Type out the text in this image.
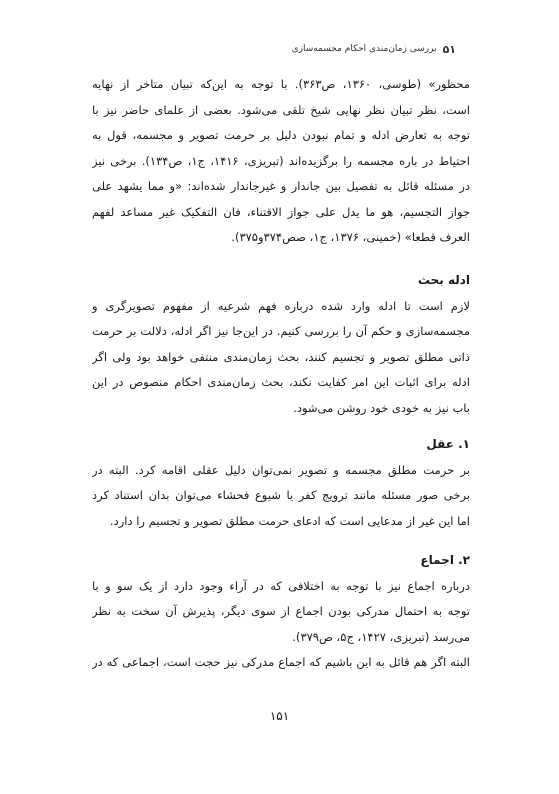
۵۱
بررسی زمان‌مندی احکام مجسمه‌سازی
محظور» (طوسی، ۱۳۶۰، ص۳۶۳). با توجه به این‌که تبیان متاخر از نهایه
است، نظر تبیان نظر نهایی شیخ تلقی می‌شود. بعضی از علمای حاضر نیز با
توجه به تعارض ادله و تمام نبودن دلیل بر حرمت تصویر و مجسمه، قول به
احتیاط در باره مجسمه را برگزیده‌اند (تبریزی، ۱۴۱۶، ج۱، ص۱۳۴). برخی نیز
در مسئله قائل به تفصیل بین جاندار و غیرجاندار شده‌اند: «و مما یشهد علی
جواز التجسیم، هو ما یدل علی جواز الاقتناء، فان التفکیک غیر مساعد لفهم
العرف قطعا» (خمینی، ۱۳۷۶، ج۱، صص۳۷۴و۳۷۵).
ادله بحث
لازم است تا ادله وارد شده درباره فهم شرعیه از مفهوم تصویرگری و
مجسمه‌سازی و حکم آن را بررسی کنیم. در این‌جا نیز اگر ادله، دلالت بر حرمت
ذاتی مطلق تصویر و تجسیم کنند، بحث زمان‌مندی منتفی خواهد بود ولی اگر
ادله برای اثبات این امر کفایت نکند، بحث زمان‌مندی احکام منصوص در این
باب نیز به خودی خود روشن می‌شود.
۱. عقل
بر حرمت مطلق مجسمه و تصویر نمی‌توان دلیل عقلی اقامه کرد. البته در
برخی صور مسئله مانند ترویج کفر یا شیوع فحشاء می‌توان بدان استناد کرد
اما این غیر از مدعایی است که ادعای حرمت مطلق تصویر و تجسیم را دارد.
۲. اجماع
درباره اجماع نیز با توجه به اختلافی که در آراء وجود دارد از یک سو و با
توجه به احتمال مدرکی بودن اجماع از سوی دیگر، پذیرش آن سخت به نظر
می‌رسد (تبریزی، ۱۴۲۷، ج۵، ص۳۷۹).
البته اگر هم قائل به این باشیم که اجماع مدرکی نیز حجت است، اجماعی که در
۱۵۱
